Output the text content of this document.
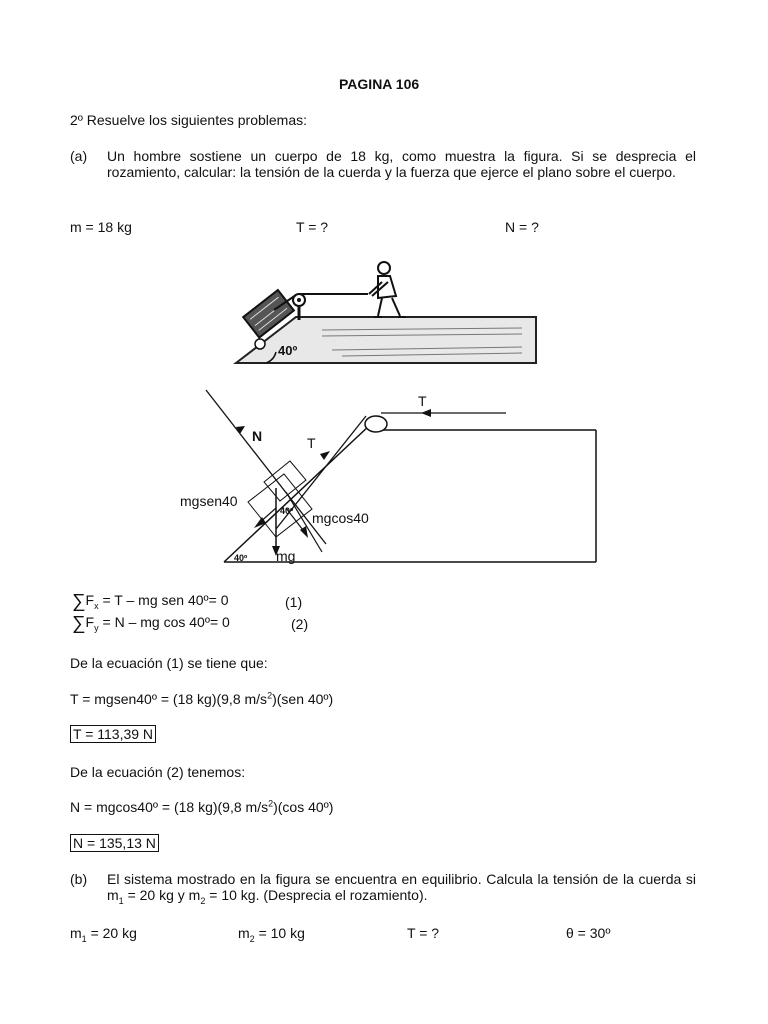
PAGINA 106
2º Resuelve los siguientes problemas:
(a) Un hombre sostiene un cuerpo de 18 kg, como muestra la figura. Si se desprecia el rozamiento, calcular: la tensión de la cuerda y la fuerza que ejerce el plano sobre el cuerpo.
m = 18 kg	T = ?	N = ?
40º
T
N	T
mgsen40
mgcos40
40º
40º mg
$\sum F_x = T$ – mg sen 40º= 0	(1)
$\sum F_y = N$ – mg cos 40º= 0	(2)
De la ecuación (1) se tiene que:
T = mgsen40º = (18 kg)(9,8 $m/s^2)(sen$ 40º)
T = 113,39 N
De la ecuación (2) tenemos:
N = mgcos40º = (18 kg)(9,8 $m/s^2)(\cos$ 40º)
N = 135,13 N
(b) El sistema mostrado en la figura se encuentra en equilibrio. Calcula la tensión de la cuerda si $m_1 = 20$ kg y $m_2 = 10$ kg. (Desprecia el rozamiento).
$m_1 = 20$ kg	$m_2 = 10$ kg	T = ?	θ = 30º
